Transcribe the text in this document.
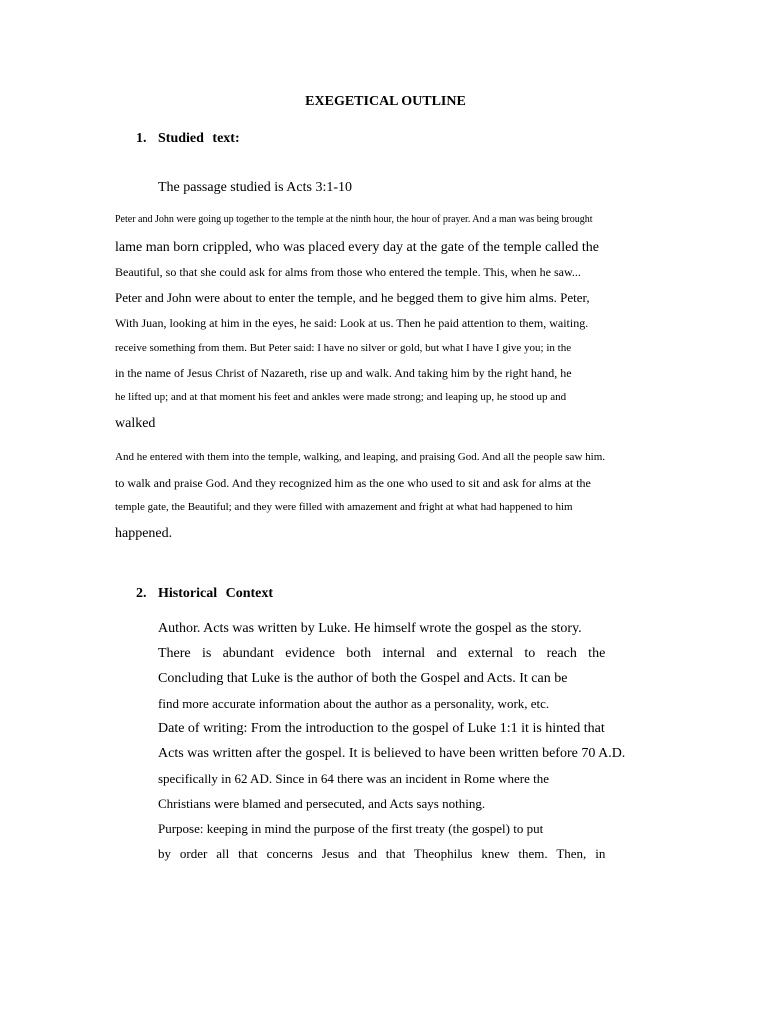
EXEGETICAL OUTLINE
1. Studied text:
The passage studied is Acts 3:1-10
Peter and John were going up together to the temple at the ninth hour, the hour of prayer. And a man was being brought
lame man born crippled, who was placed every day at the gate of the temple called the
Beautiful, so that she could ask for alms from those who entered the temple. This, when he saw...
Peter and John were about to enter the temple, and he begged them to give him alms. Peter,
With Juan, looking at him in the eyes, he said: Look at us. Then he paid attention to them, waiting.
receive something from them. But Peter said: I have no silver or gold, but what I have I give you; in the
in the name of Jesus Christ of Nazareth, rise up and walk. And taking him by the right hand, he
he lifted up; and at that moment his feet and ankles were made strong; and leaping up, he stood up and
walked
And he entered with them into the temple, walking, and leaping, and praising God. And all the people saw him.
to walk and praise God. And they recognized him as the one who used to sit and ask for alms at the
temple gate, the Beautiful; and they were filled with amazement and fright at what had happened to him
happened.
2. Historical Context
Author. Acts was written by Luke. He himself wrote the gospel as the story.
There is abundant evidence both internal and external to reach the
Concluding that Luke is the author of both the Gospel and Acts. It can be
find more accurate information about the author as a personality, work, etc.
Date of writing: From the introduction to the gospel of Luke 1:1 it is hinted that
Acts was written after the gospel. It is believed to have been written before 70 A.D.
specifically in 62 AD. Since in 64 there was an incident in Rome where the
Christians were blamed and persecuted, and Acts says nothing.
Purpose: keeping in mind the purpose of the first treaty (the gospel) to put
by order all that concerns Jesus and that Theophilus knew them. Then, in
